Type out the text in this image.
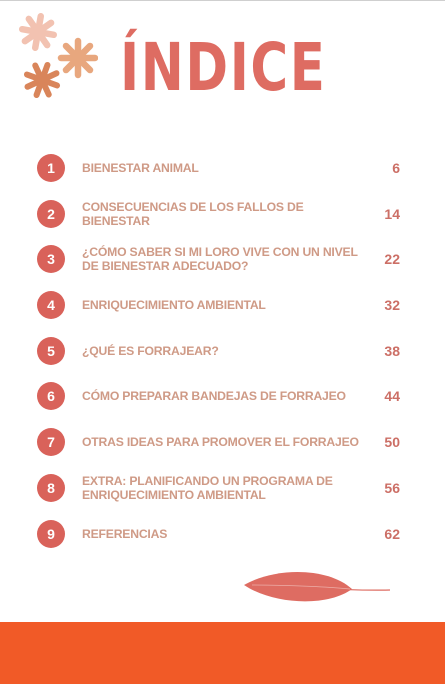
ÍNDICE
1	BIENESTAR ANIMAL	6
2	CONSECUENCIAS DE LOS FALLOS DE BIENESTAR	14
3	¿CÓMO SABER SI MI LORO VIVE CON UN NIVEL
DE BIENESTAR ADECUADO?	22
4	ENRIQUECIMIENTO AMBIENTAL	32
5	¿QUÉ ES FORRAJEAR?	38
6	CÓMO PREPARAR BANDEJAS DE FORRAJEO	44
7	OTRAS IDEAS PARA PROMOVER EL FORRAJEO 50
8	EXTRA: PLANIFICANDO UN PROGRAMA DE
ENRIQUECIMIENTO AMBIENTAL	56
9	REFERENCIAS	62
